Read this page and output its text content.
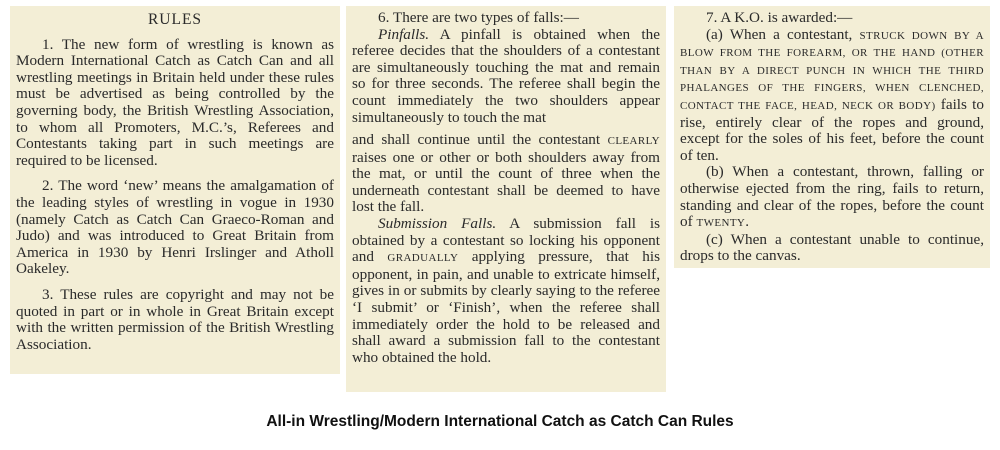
RULES

1. The new form of wrestling is known as Modern International Catch as Catch Can and all wrestling meetings in Britain held under these rules must be advertised as being controlled by the governing body, the British Wrestling Association, to whom all Promoters, M.C.’s, Referees and Contestants taking part in such meetings are required to be licensed.

2. The word ‘new’ means the amalgamation of the leading styles of wrestling in vogue in 1930 (namely Catch as Catch Can Graeco-Roman and Judo) and was introduced to Great Britain from America in 1930 by Henri Irslinger and Atholl Oakeley.

3. These rules are copyright and may not be quoted in part or in whole in Great Britain except with the written permission of the British Wrestling Association.

6. There are two types of falls:—

Pinfalls. A pinfall is obtained when the referee decides that the shoulders of a contestant are simultaneously touching the mat and remain so for three seconds. The referee shall begin the count immediately the two shoulders appear simultaneously to touch the mat

and shall continue until the contestant CLEARLY raises one or other or both shoulders away from the mat, or until the count of three when the underneath contestant shall be deemed to have lost the fall.

Submission Falls. A submission fall is obtained by a contestant so locking his opponent and GRADUALLY applying pressure, that his opponent, in pain, and unable to extricate himself, gives in or submits by clearly saying to the referee ‘I submit’ or ‘Finish’, when the referee shall immediately order the hold to be released and shall award a submission fall to the contestant who obtained the hold.

7. A K.O. is awarded:—

(a) When a contestant, STRUCK DOWN BY A BLOW FROM THE FOREARM, OR THE HAND (OTHER THAN BY A DIRECT PUNCH IN WHICH THE THIRD PHALANGES OF THE FINGERS, WHEN CLENCHED, CONTACT THE FACE, HEAD, NECK OR BODY) fails to rise, entirely clear of the ropes and ground, except for the soles of his feet, before the count of ten.

(b) When a contestant, thrown, falling or otherwise ejected from the ring, fails to return, standing and clear of the ropes, before the count of TWENTY.

(c) When a contestant unable to continue, drops to the canvas.

All-in Wrestling/Modern International Catch as Catch Can Rules
